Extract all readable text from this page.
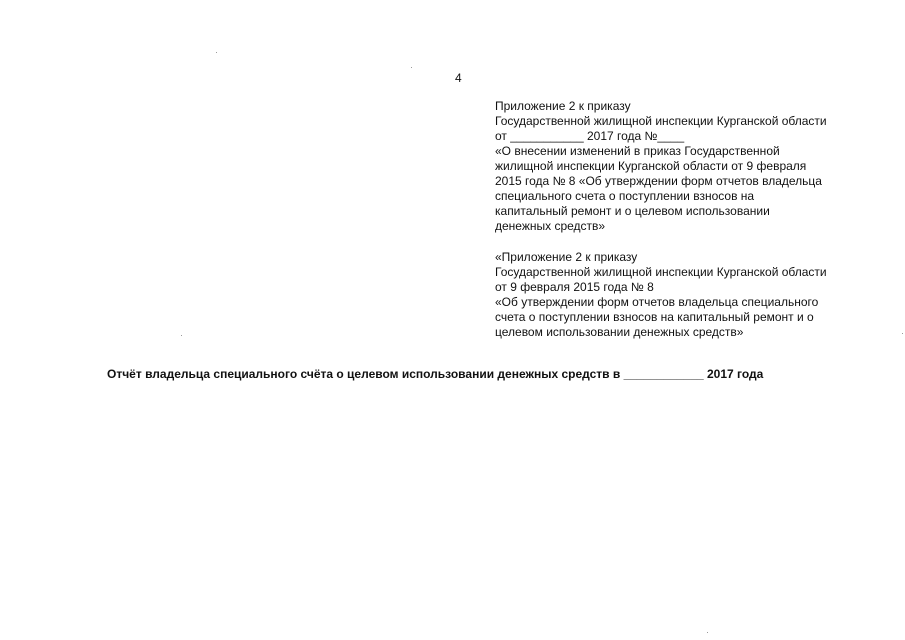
4
Приложение 2 к приказу
Государственной жилищной инспекции Курганской области
от ___________ 2017 года №____
«О внесении изменений в приказ Государственной
жилищной инспекции Курганской области от 9 февраля
2015 года № 8 «Об утверждении форм отчетов владельца
специального счета о поступлении взносов на
капитальный ремонт и о целевом использовании
денежных средств»
«Приложение 2 к приказу
Государственной жилищной инспекции Курганской области
от 9 февраля 2015 года № 8
«Об утверждении форм отчетов владельца специального
счета о поступлении взносов на капитальный ремонт и о
целевом использовании денежных средств»
Отчёт владельца специального счёта о целевом использовании денежных средств в ____________ 2017 года
